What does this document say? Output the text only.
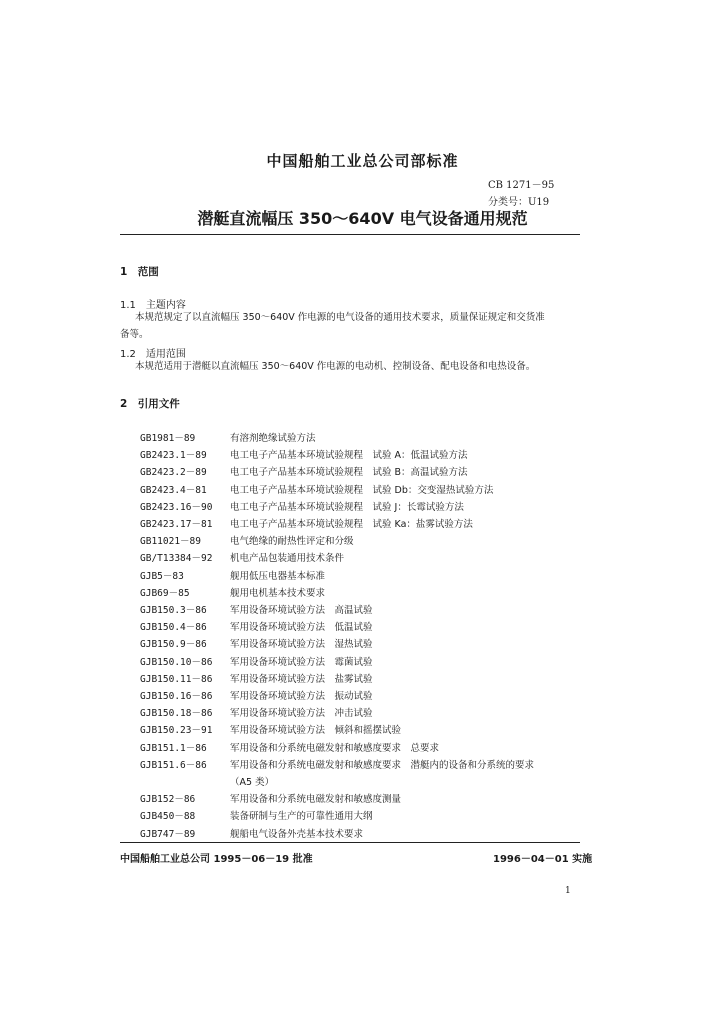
中国船舶工业总公司部标准
CB 1271－95
分类号：U19
潜艇直流幅压 350～640V 电气设备通用规范
1　范围
1.1　主题内容
本规范规定了以直流幅压 350～640V 作电源的电气设备的通用技术要求，质量保证规定和交货准
备等。
1.2　适用范围
本规范适用于潜艇以直流幅压 350～640V 作电源的电动机、控制设备、配电设备和电热设备。
2　引用文件
GB1981－89	有溶剂绝缘试验方法
GB2423.1－89 电工电子产品基本环境试验规程　试验 A：低温试验方法
GB2423.2－89 电工电子产品基本环境试验规程　试验 B：高温试验方法
GB2423.4－81 电工电子产品基本环境试验规程　试验 Db：交变湿热试验方法
GB2423.16－90 电工电子产品基本环境试验规程　试验 J：长霉试验方法
GB2423.17－81 电工电子产品基本环境试验规程　试验 Ka：盐雾试验方法
GB11021－89	电气绝缘的耐热性评定和分级
GB/T13384－92 机电产品包装通用技术条件
GJB5－83	舰用低压电器基本标准
GJB69－85	舰用电机基本技术要求
GJB150.3－86 军用设备环境试验方法　高温试验
GJB150.4－86 军用设备环境试验方法　低温试验
GJB150.9－86 军用设备环境试验方法　湿热试验
GJB150.10－86 军用设备环境试验方法　霉菌试验
GJB150.11－86 军用设备环境试验方法　盐雾试验
GJB150.16－86 军用设备环境试验方法　振动试验
GJB150.18－86 军用设备环境试验方法　冲击试验
GJB150.23－91 军用设备环境试验方法　倾斜和摇摆试验
GJB151.1－86 军用设备和分系统电磁发射和敏感度要求　总要求
GJB151.6－86 军用设备和分系统电磁发射和敏感度要求　潜艇内的设备和分系统的要求
（A5 类）
GJB152－86	军用设备和分系统电磁发射和敏感度测量
GJB450－88	装备研制与生产的可靠性通用大纲
GJB747－89	舰船电气设备外壳基本技术要求
中国船舶工业总公司 1995－06－19 批准	1996－04－01 实施
1
